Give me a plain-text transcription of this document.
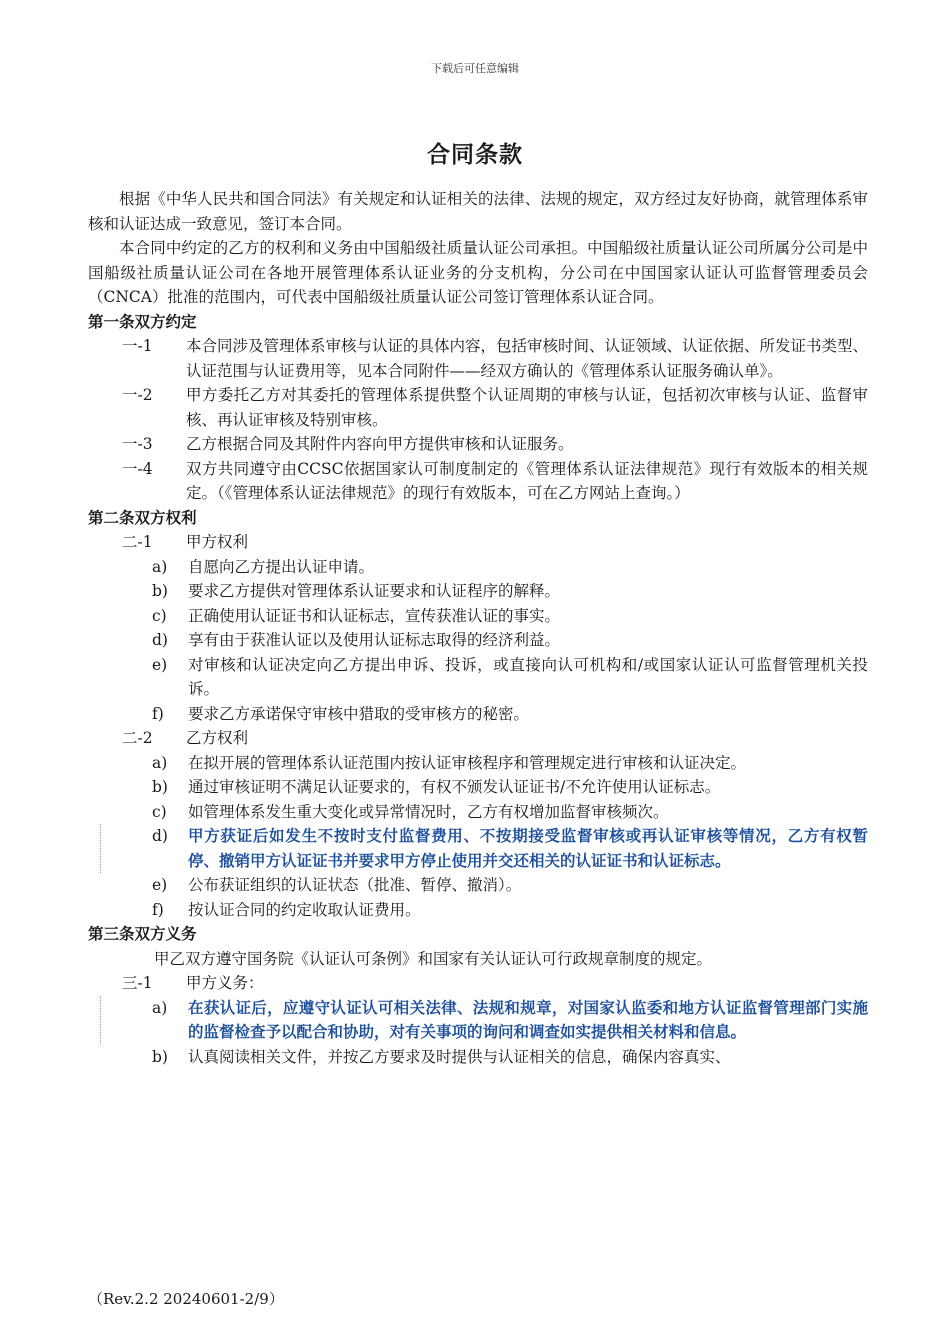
下载后可任意编辑
合同条款

根据《中华人民共和国合同法》有关规定和认证相关的法律、法规的规定，双方经过友好协商，就管理体系审核和认证达成一致意见，签订本合同。

本合同中约定的乙方的权利和义务由中国船级社质量认证公司承担。中国船级社质量认证公司所属分公司是中国船级社质量认证公司在各地开展管理体系认证业务的分支机构，分公司在中国国家认证认可监督管理委员会（CNCA）批准的范围内，可代表中国船级社质量认证公司签订管理体系认证合同。

第一条双方约定

一-1	本合同涉及管理体系审核与认证的具体内容，包括审核时间、认证领域、认证依据、所发证书类型、认证范围与认证费用等，见本合同附件——经双方确认的《管理体系认证服务确认单》。
一-2	甲方委托乙方对其委托的管理体系提供整个认证周期的审核与认证，包括初次审核与认证、监督审核、再认证审核及特别审核。
一-3	乙方根据合同及其附件内容向甲方提供审核和认证服务。
一-4	双方共同遵守由CCSC依据国家认可制度制定的《管理体系认证法律规范》现行有效版本的相关规定。（《管理体系认证法律规范》的现行有效版本，可在乙方网站上查询。）

第二条双方权利

二-1	甲方权利
a)	自愿向乙方提出认证申请。
b)	要求乙方提供对管理体系认证要求和认证程序的解释。
c)	正确使用认证证书和认证标志，宣传获准认证的事实。
d)	享有由于获准认证以及使用认证标志取得的经济利益。
e)	对审核和认证决定向乙方提出申诉、投诉，或直接向认可机构和/或国家认证认可监督管理机关投诉。
f)	要求乙方承诺保守审核中猎取的受审核方的秘密。
二-2	乙方权利
a)	在拟开展的管理体系认证范围内按认证审核程序和管理规定进行审核和认证决定。
b)	通过审核证明不满足认证要求的，有权不颁发认证证书/不允许使用认证标志。
c)	如管理体系发生重大变化或异常情况时，乙方有权增加监督审核频次。
d)	甲方获证后如发生不按时支付监督费用、不按期接受监督审核或再认证审核等情况，乙方有权暂停、撤销甲方认证证书并要求甲方停止使用并交还相关的认证证书和认证标志。
e)	公布获证组织的认证状态（批准、暂停、撤消）。
f)	按认证合同的约定收取认证费用。

第三条双方义务

甲乙双方遵守国务院《认证认可条例》和国家有关认证认可行政规章制度的规定。

三-1	甲方义务：
a)	在获认证后，应遵守认证认可相关法律、法规和规章，对国家认监委和地方认证监督管理部门实施的监督检查予以配合和协助，对有关事项的询问和调查如实提供相关材料和信息。
b)	认真阅读相关文件，并按乙方要求及时提供与认证相关的信息，确保内容真实、
（Rev.2.2 20240601-2/9）
